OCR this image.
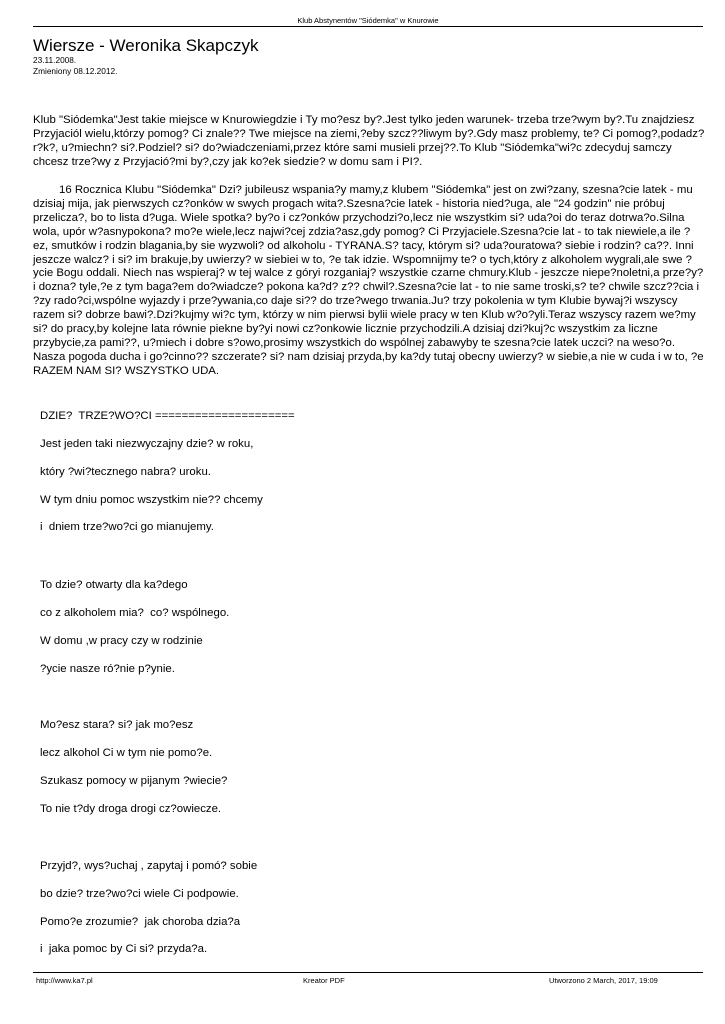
Klub Abstynentów "Siódemka" w Knurowie
Wiersze - Weronika Skapczyk
23.11.2008.
Zmieniony 08.12.2012.

Klub "Siódemka"Jest takie miejsce w Knurowiegdzie i Ty mo?esz by?.Jest tylko jeden warunek- trzeba trze?wym by?.Tu znajdziesz Przyjaciól wielu,którzy pomog? Ci znale?? Twe miejsce na ziemi,?eby szcz??liwym by?.Gdy masz problemy, te? Ci pomog?,podadz? r?k?, u?miechn? si?.Podziel? si? do?wiadczeniami,przez które sami musieli przej??.To Klub "Siódemka"wi?c zdecyduj samczy chcesz trze?wy z Przyjació?mi by?,czy jak ko?ek siedzie? w domu sam i PI?.

16 Rocznica Klubu "Siódemka" Dzi? jubileusz wspania?y mamy,z klubem "Siódemka" jest on zwi?zany, szesna?cie latek - mu dzisiaj mija, jak pierwszych cz?onków w swych progach wita?.Szesna?cie latek - historia nied?uga, ale "24 godzin" nie próbuj przelicza?, bo to lista d?uga. Wiele spotka? by?o i cz?onków przychodzi?o,lecz nie wszystkim si? uda?oi do teraz dotrwa?o.Silna wola, upór w?asnypokona? mo?e wiele,lecz najwi?cej zdzia?asz,gdy pomog? Ci Przyjaciele.Szesna?cie lat - to tak niewiele,a ile ?ez, smutków i rodzin blagania,by sie wyzwoli? od alkoholu - TYRANA.S? tacy, którym si? uda?ouratowa? siebie i rodzin? ca??. Inni jeszcze walcz? i si? im brakuje,by uwierzy? w siebiei w to, ?e tak idzie. Wspomnijmy te? o tych,który z alkoholem wygrali,ale swe ?ycie Bogu oddali. Niech nas wspieraj? w tej walce z góryi rozganiaj? wszystkie czarne chmury.Klub - jeszcze niepe?noletni,a prze?y? i dozna? tyle,?e z tym baga?em do?wiadcze? pokona ka?d? z?? chwil?.Szesna?cie lat - to nie same troski,s? te? chwile szcz??cia i ?zy rado?ci,wspólne wyjazdy i prze?ywania,co daje si?? do trze?wego trwania.Ju? trzy pokolenia w tym Klubie bywaj?i wszyscy razem si? dobrze bawi?.Dzi?kujmy wi?c tym, którzy w nim pierwsi bylii wiele pracy w ten Klub w?o?yli.Teraz wszyscy razem we?my si? do pracy,by kolejne lata równie piekne by?yi nowi cz?onkowie licznie przychodzili.A dzisiaj dzi?kuj?c wszystkim za liczne przybycie,za pami??, u?miech i dobre s?owo,prosimy wszystkich do wspólnej zabawyby te szesna?cie latek uczci? na weso?o. Nasza pogoda ducha i go?cinno?? szczerate? si? nam dzisiaj przyda,by ka?dy tutaj obecny uwierzy? w siebie,a nie w cuda i w to, ?e RAZEM NAM SI? WSZYSTKO UDA.

DZIE?  TRZE?WO?CI =====================
Jest jeden taki niezwyczajny dzie? w roku,
który ?wi?tecznego nabra? uroku.
W tym dniu pomoc wszystkim nie?? chcemy
i  dniem trze?wo?ci go mianujemy.
To dzie? otwarty dla ka?dego
co z alkoholem mia?  co? wspólnego.
W domu ,w pracy czy w rodzinie
?ycie nasze ró?nie p?ynie.
Mo?esz stara? si? jak mo?esz
lecz alkohol Ci w tym nie pomo?e.
Szukasz pomocy w pijanym ?wiecie?
To nie t?dy droga drogi cz?owiecze.
Przyjd?, wys?uchaj , zapytaj i pomó? sobie
bo dzie? trze?wo?ci wiele Ci podpowie.
Pomo?e zrozumie?  jak choroba dzia?a
i  jaka pomoc by Ci si? przyda?a.
http://www.ka7.pl	Kreator PDF	Utworzono 2 March, 2017, 19:09
